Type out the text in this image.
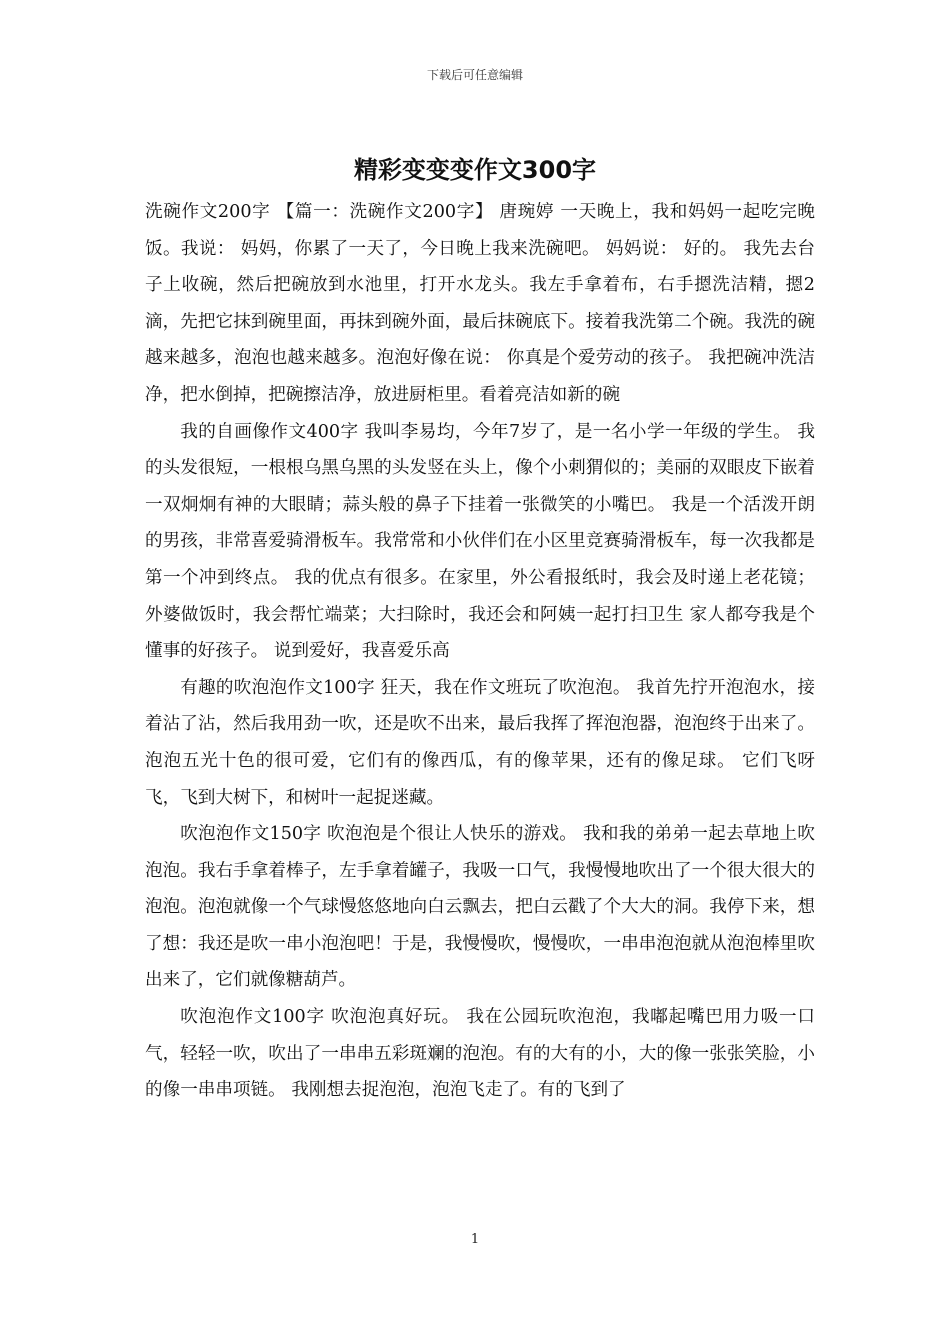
下载后可任意编辑
精彩变变变作文300字

洗碗作文200字 【篇一：洗碗作文200字】 唐琬婷 一天晚上，我和妈妈一起吃完晚饭。我说： 妈妈，你累了一天了，今日晚上我来洗碗吧。 妈妈说： 好的。 我先去台子上收碗，然后把碗放到水池里，打开水龙头。我左手拿着布，右手摁洗洁精，摁2滴，先把它抹到碗里面，再抹到碗外面，最后抹碗底下。接着我洗第二个碗。我洗的碗越来越多，泡泡也越来越多。泡泡好像在说： 你真是个爱劳动的孩子。 我把碗冲洗洁净，把水倒掉，把碗擦洁净，放进厨柜里。看着亮洁如新的碗

我的自画像作文400字 我叫李易均，今年7岁了，是一名小学一年级的学生。 我的头发很短，一根根乌黑乌黑的头发竖在头上，像个小刺猬似的；美丽的双眼皮下嵌着一双炯炯有神的大眼睛；蒜头般的鼻子下挂着一张微笑的小嘴巴。 我是一个活泼开朗的男孩，非常喜爱骑滑板车。我常常和小伙伴们在小区里竞赛骑滑板车，每一次我都是第一个冲到终点。 我的优点有很多。在家里，外公看报纸时，我会及时递上老花镜；外婆做饭时，我会帮忙端菜；大扫除时，我还会和阿姨一起打扫卫生 家人都夸我是个懂事的好孩子。 说到爱好，我喜爱乐高

有趣的吹泡泡作文100字 狂天，我在作文班玩了吹泡泡。 我首先拧开泡泡水，接着沾了沾，然后我用劲一吹，还是吹不出来，最后我挥了挥泡泡器，泡泡终于出来了。泡泡五光十色的很可爱，它们有的像西瓜，有的像苹果，还有的像足球。 它们飞呀飞，飞到大树下，和树叶一起捉迷藏。

吹泡泡作文150字 吹泡泡是个很让人快乐的游戏。 我和我的弟弟一起去草地上吹泡泡。我右手拿着棒子，左手拿着罐子，我吸一口气，我慢慢地吹出了一个很大很大的泡泡。泡泡就像一个气球慢悠悠地向白云飘去，把白云戳了个大大的洞。我停下来，想了想：我还是吹一串小泡泡吧！于是，我慢慢吹，慢慢吹，一串串泡泡就从泡泡棒里吹出来了，它们就像糖葫芦。

吹泡泡作文100字 吹泡泡真好玩。 我在公园玩吹泡泡，我嘟起嘴巴用力吸一口气，轻轻一吹，吹出了一串串五彩斑斓的泡泡。有的大有的小，大的像一张张笑脸，小的像一串串项链。 我刚想去捉泡泡，泡泡飞走了。有的飞到了

1
